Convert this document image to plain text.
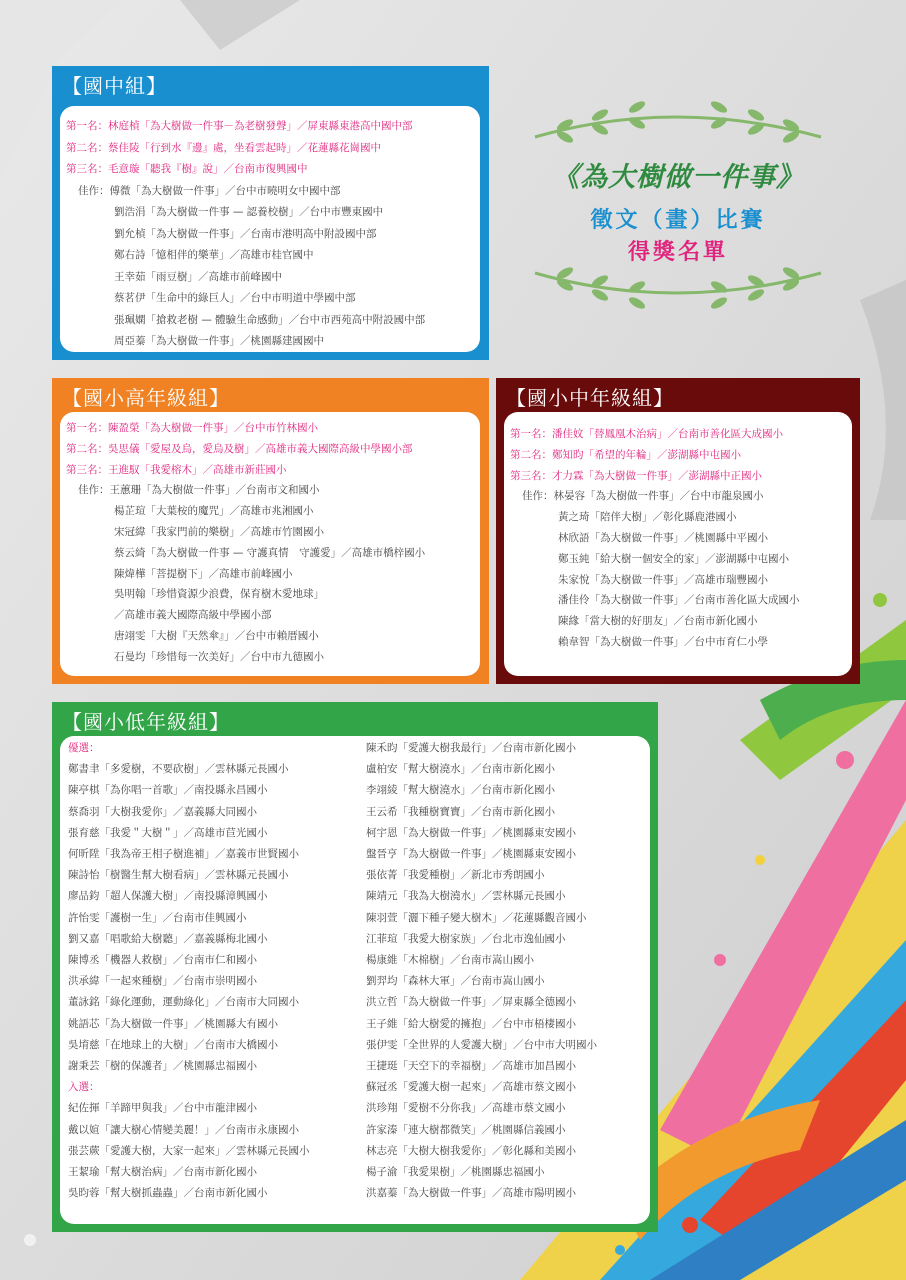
《為大樹做一件事》
徵文（畫）比賽
得獎名單
【國中組】
第一名：林庭楨「為大樹做一件事－為老樹發聲」／屏東縣東港高中國中部
第二名：蔡佳陵「行到水『邊』處，坐看雲起時」／花蓮縣花崗國中
第三名：毛意璇「聽我『樹』說」／台南市復興國中
佳作：傅微「為大樹做一件事」／台中市曉明女中國中部
劉浩涓「為大樹做一件事 — 認養校樹」／台中市豐東國中
劉允楨「為大樹做一件事」／台南市港明高中附設國中部
鄭右詩「憶相伴的樂華」／高雄市桂官國中
王幸茹「雨豆樹」／高雄市前峰國中
蔡茗伊「生命中的綠巨人」／台中市明道中學國中部
張珮嫻「搶救老樹 — 體驗生命感動」／台中市西苑高中附設國中部
周亞蓁「為大樹做一件事」／桃園縣建國國中
【國小高年級組】
第一名：陳盈榮「為大樹做一件事」／台中市竹林國小
第二名：吳思儀「愛屋及烏，愛烏及樹」／高雄市義大國際高級中學國小部
第三名：王進馭「我愛榕木」／高雄市新莊國小
佳作：王蕙珊「為大樹做一件事」／台南市文和國小
楊芷瑄「大葉桉的魔咒」／高雄市兆湘國小
宋冠緯「我家門前的樂樹」／高雄市竹園國小
蔡云綺「為大樹做一件事 — 守護真情　守護愛」／高雄市橋梓國小
陳煒樺「菩提樹下」／高雄市前峰國小
吳明翰「珍惜資源少浪費，保育樹木愛地球」
／高雄市義大國際高級中學國小部
唐翊雯「大樹『天然傘』」／台中市賴厝國小
石曼均「珍惜每一次美好」／台中市九德國小
【國小中年級組】
第一名：潘佳妏「替鳳凰木治病」／台南市善化區大成國小
第二名：鄭知昀「希望的年輪」／澎湖縣中屯國小
第三名：才力霖「為大樹做一件事」／澎湖縣中正國小
佳作：林晏容「為大樹做一件事」／台中市龍泉國小
黃之琦「陪伴大樹」／彰化縣鹿港國小
林欣語「為大樹做一件事」／桃園縣中平國小
鄭玉純「給大樹一個安全的家」／澎湖縣中屯國小
朱家悅「為大樹做一件事」／高雄市瑞豐國小
潘佳伶「為大樹做一件事」／台南市善化區大成國小
陳緣「當大樹的好朋友」／台南市新化國小
賴韋智「為大樹做一件事」／台中市育仁小學
【國小低年級組】
優選：
鄭書聿「多愛樹，不要砍樹」／雲林縣元長國小
陳亭棋「為你唱一首歌」／南投縣永昌國小
蔡喬羽「大樹我愛你」／嘉義縣大同國小
張育慈「我愛＂大樹＂」／高雄市苣光國小
何昕陞「我為帝王相子樹進補」／嘉義市世賢國小
陳詩怡「樹醫生幫大樹看病」／雲林縣元長國小
廖品鈞「超人保護大樹」／南投縣漳興國小
許怡雯「護樹一生」／台南市佳興國小
劉又嘉「唱歌給大樹聽」／嘉義縣梅北國小
陳博丞「機器人救樹」／台南市仁和國小
洪承緯「一起來種樹」／台南市崇明國小
董詠銘「綠化運動，運動綠化」／台南市大同國小
姚語芯「為大樹做一件事」／桃園縣大有國小
吳堉慈「在地球上的大樹」／台南市大橋國小
謝秉芸「樹的保護者」／桃園縣忠福國小
入選：
紀佐揮「羊蹄甲與我」／台中市龍津國小
戴以媗「讓大樹心情變美麗！」／台南市永康國小
張芸蕨「愛護大樹，大家一起來」／雲林縣元長國小
王絜瑜「幫大樹治病」／台南市新化國小
吳昀蓉「幫大樹抓蟲蟲」／台南市新化國小
陳禾昀「愛護大樹我最行」／台南市新化國小
盧柏安「幫大樹澆水」／台南市新化國小
李翊綾「幫大樹澆水」／台南市新化國小
王云希「我種樹寶寶」／台南市新化國小
柯宇恩「為大樹做一件事」／桃園縣東安國小
盤晉亨「為大樹做一件事」／桃園縣東安國小
張依菁「我愛種樹」／新北市秀朗國小
陳靖元「我為大樹澆水」／雲林縣元長國小
陳羽萱「灑下種子變大樹木」／花蓮縣觀音國小
江菲瑄「我愛大樹家族」／台北市逸仙國小
楊康維「木棉樹」／台南市嵩山國小
劉羿均「森林大軍」／台南市嵩山國小
洪立哲「為大樹做一件事」／屏東縣全德國小
王子維「給大樹愛的擁抱」／台中市梧棲國小
張伊雯「全世界的人愛護大樹」／台中市大明國小
王捷珽「天空下的幸福樹」／高雄市加昌國小
蘇冠丞「愛護大樹一起來」／高雄市蔡文國小
洪珍翔「愛樹不分你我」／高雄市蔡文國小
許家溱「連大樹都微笑」／桃園縣信義國小
林志亮「大樹大樹我愛你」／彰化縣和美國小
楊子渝「我愛果樹」／桃園縣忠福國小
洪嘉蓁「為大樹做一件事」／高雄市陽明國小
